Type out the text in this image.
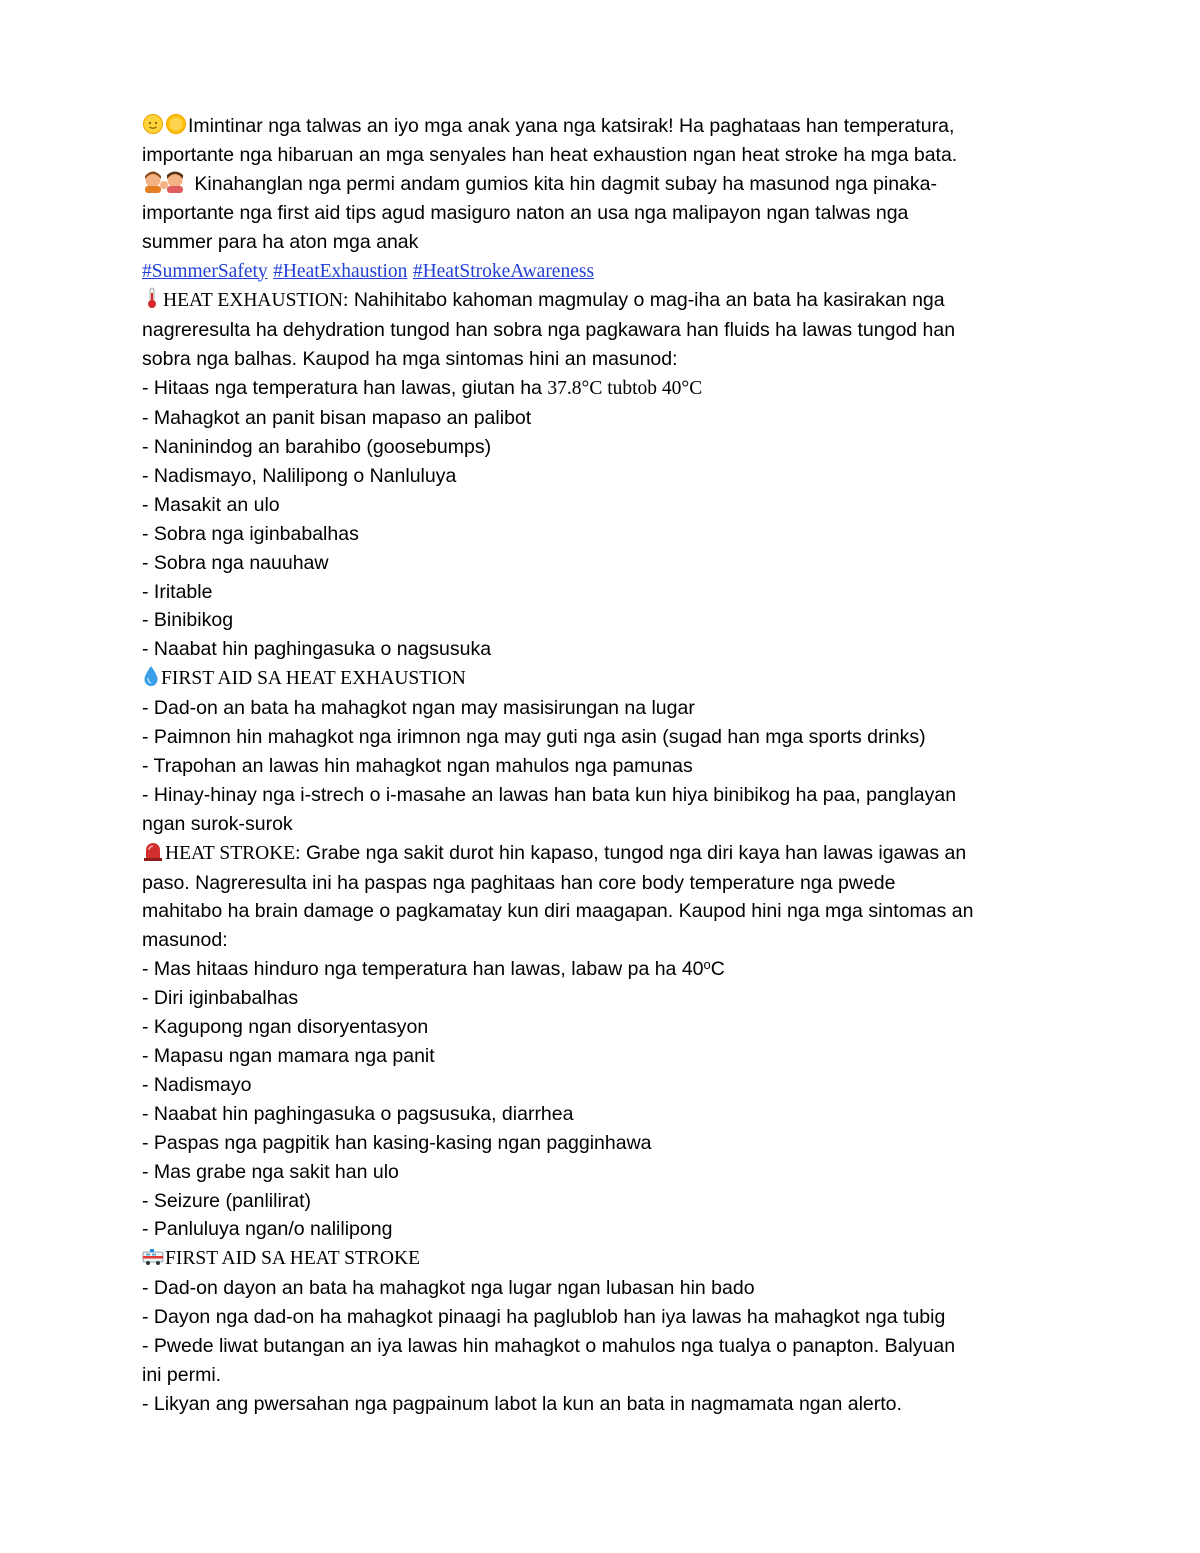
Imintinar nga talwas an iyo mga anak yana nga katsirak! Ha paghataas han temperatura,
importante nga hibaruan an mga senyales han heat exhaustion ngan heat stroke ha mga bata.
Kinahanglan nga permi andam gumios kita hin dagmit subay ha masunod nga pinaka-
importante nga first aid tips agud masiguro naton an usa nga malipayon ngan talwas nga
summer para ha aton mga anak
#SummerSafety #HeatExhaustion #HeatStrokeAwareness
HEAT EXHAUSTION: Nahihitabo kahoman magmulay o mag-iha an bata ha kasirakan nga
nagreresulta ha dehydration tungod han sobra nga pagkawara han fluids ha lawas tungod han
sobra nga balhas. Kaupod ha mga sintomas hini an masunod:
- Hitaas nga temperatura han lawas, giutan ha 37.8°C tubtob 40°C
- Mahagkot an panit bisan mapaso an palibot
- Naninindog an barahibo (goosebumps)
- Nadismayo, Nalilipong o Nanluluya
- Masakit an ulo
- Sobra nga iginbabalhas
- Sobra nga nauuhaw
- Iritable
- Binibikog
- Naabat hin paghingasuka o nagsusuka
FIRST AID SA HEAT EXHAUSTION
- Dad-on an bata ha mahagkot ngan may masisirungan na lugar
- Paimnon hin mahagkot nga irimnon nga may guti nga asin (sugad han mga sports drinks)
- Trapohan an lawas hin mahagkot ngan mahulos nga pamunas
- Hinay-hinay nga i-strech o i-masahe an lawas han bata kun hiya binibikog ha paa, panglayan
ngan surok-surok
HEAT STROKE: Grabe nga sakit durot hin kapaso, tungod nga diri kaya han lawas igawas an
paso. Nagreresulta ini ha paspas nga paghitaas han core body temperature nga pwede
mahitabo ha brain damage o pagkamatay kun diri maagapan. Kaupod hini nga mga sintomas an
masunod:
- Mas hitaas hinduro nga temperatura han lawas, labaw pa ha 40$^o$C
- Diri iginbabalhas
- Kagupong ngan disoryentasyon
- Mapasu ngan mamara nga panit
- Nadismayo
- Naabat hin paghingasuka o pagsusuka, diarrhea
- Paspas nga pagpitik han kasing-kasing ngan pagginhawa
- Mas grabe nga sakit han ulo
- Seizure (panlilirat)
- Panluluya ngan/o nalilipong
FIRST AID SA HEAT STROKE
- Dad-on dayon an bata ha mahagkot nga lugar ngan lubasan hin bado
- Dayon nga dad-on ha mahagkot pinaagi ha paglublob han iya lawas ha mahagkot nga tubig
- Pwede liwat butangan an iya lawas hin mahagkot o mahulos nga tualya o panapton. Balyuan
ini permi.
- Likyan ang pwersahan nga pagpainum labot la kun an bata in nagmamata ngan alerto.
